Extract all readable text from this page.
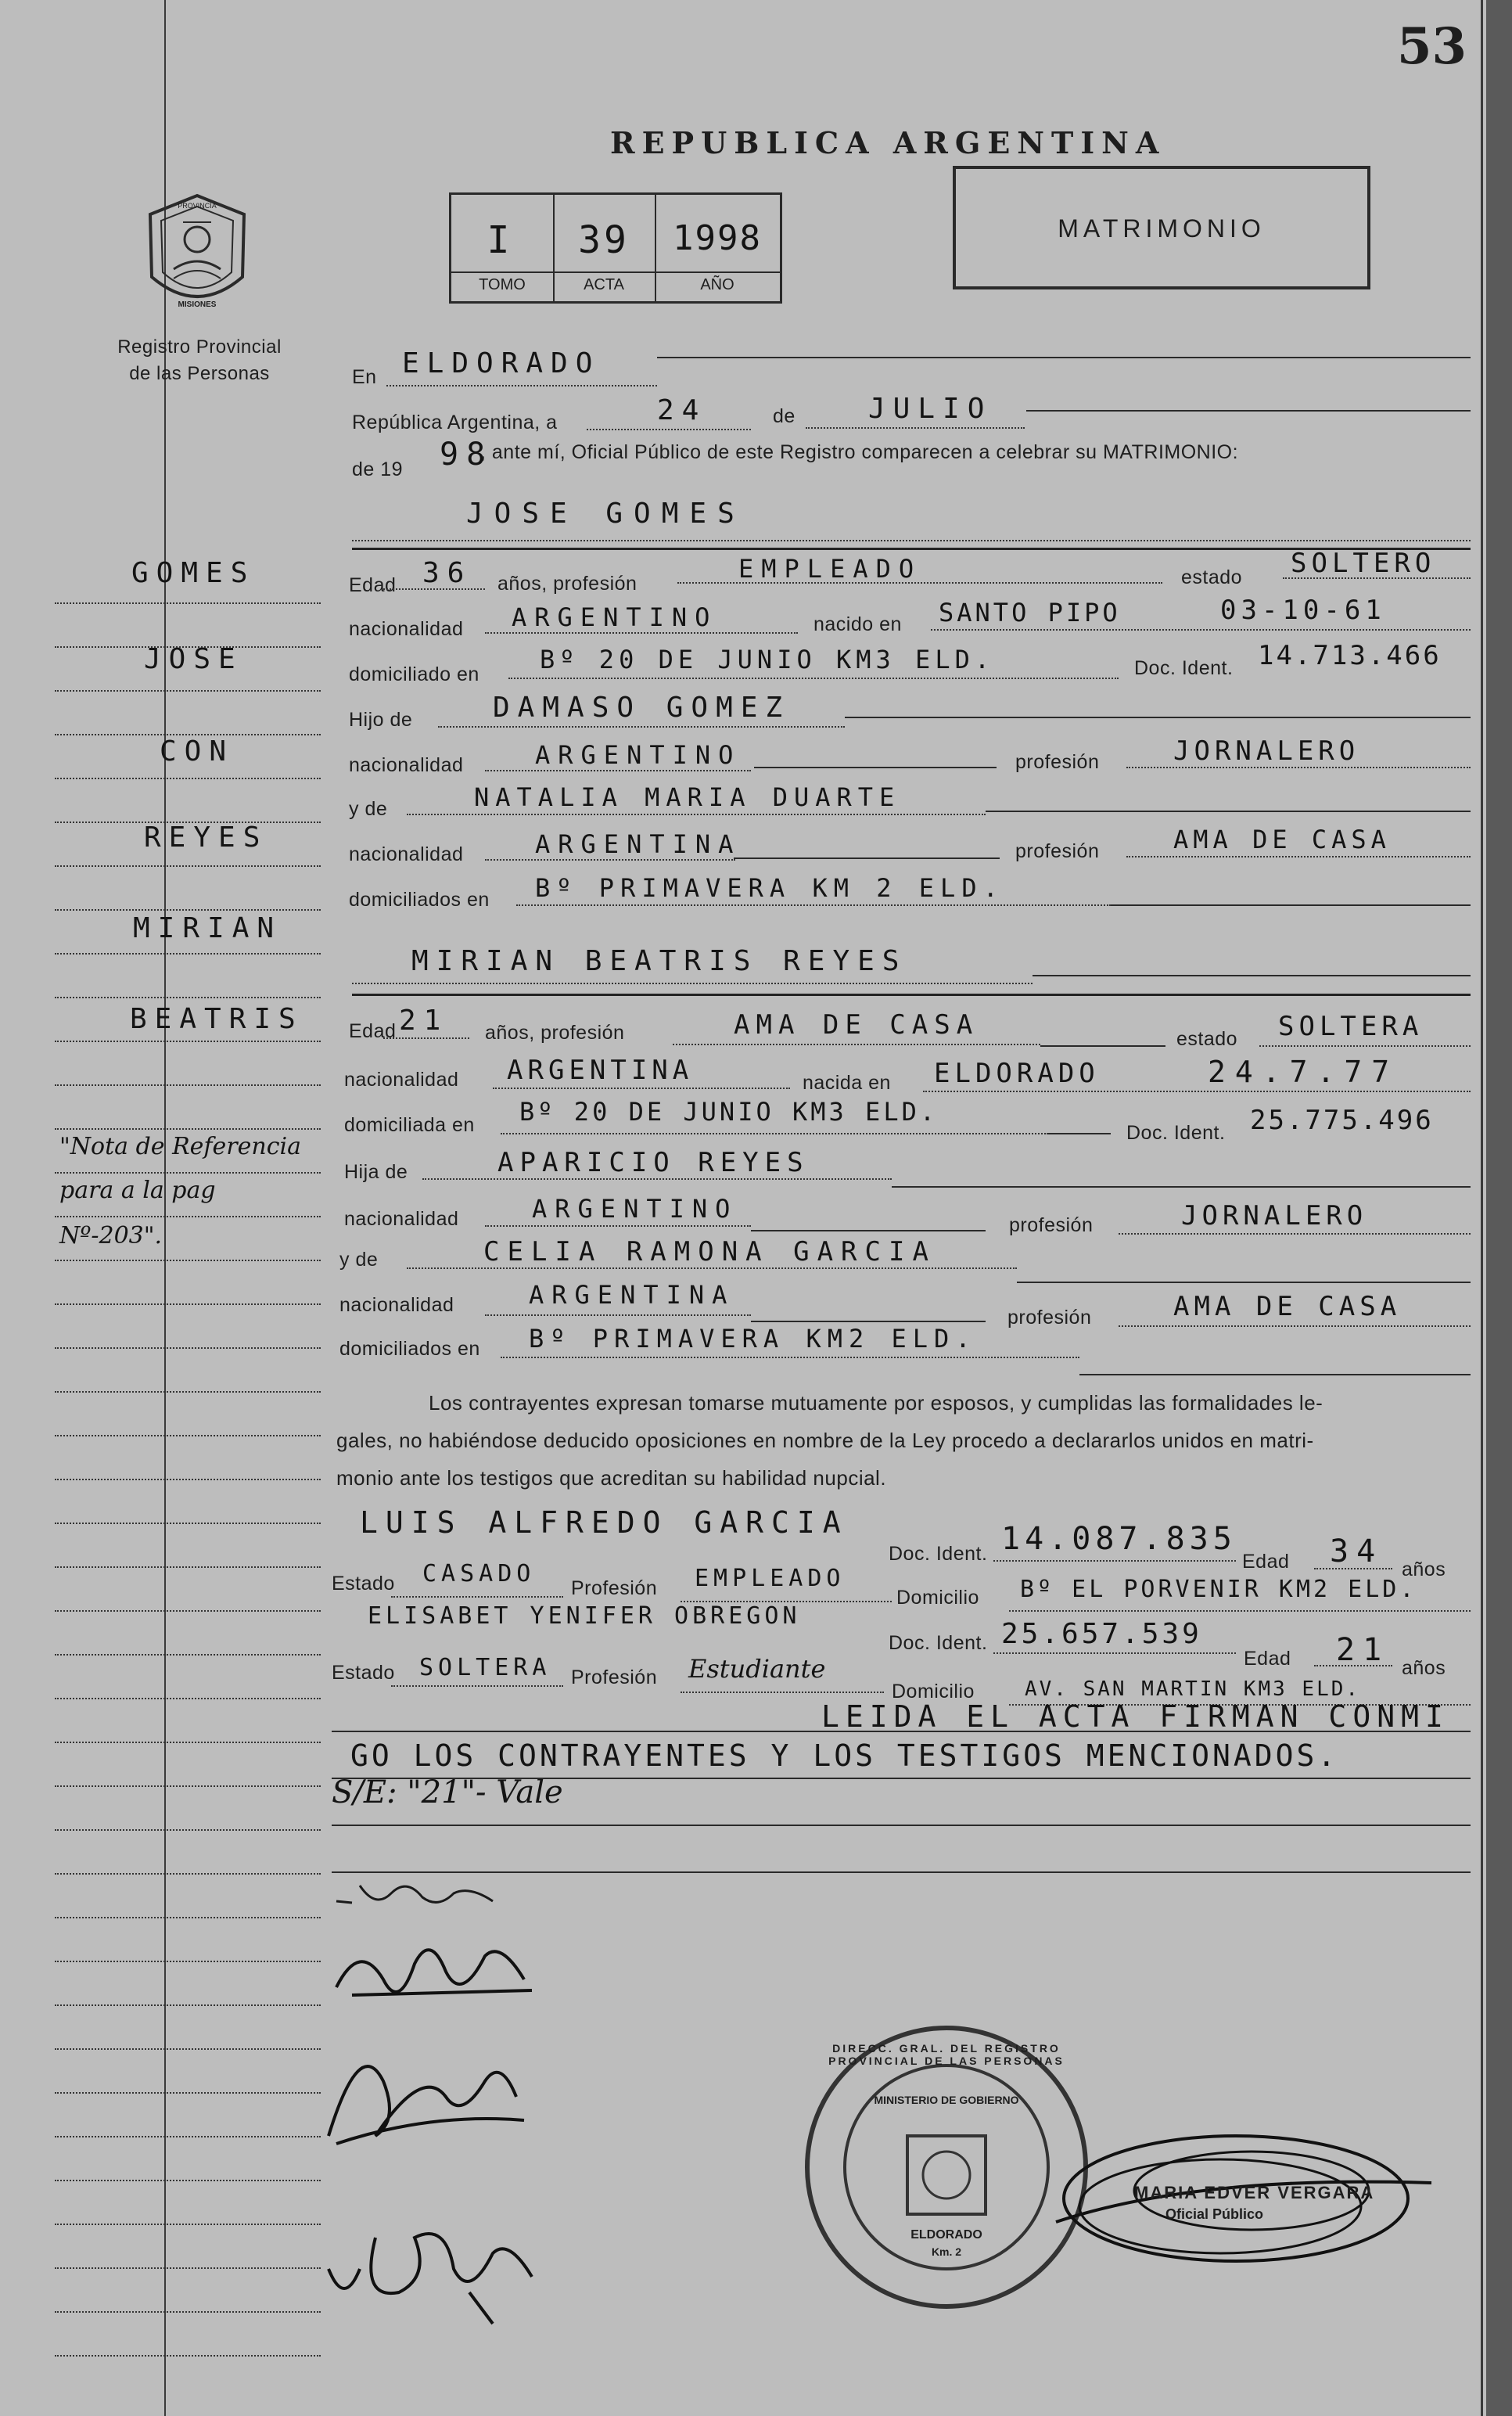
53
PROVINCIA
MISIONES
Registro Provincial
de las Personas
REPUBLICA ARGENTINA
I	39	1998
TOMO	ACTA	AÑO
MATRIMONIO
En ELDORADO
República Argentina, a	24	de	JULIO
de 19 98
, ante mí, Oficial Público de este Registro comparecen a celebrar su MATRIMONIO:
JOSE GOMES
Edad 36 años, profesión	EMPLEADO	estado SOLTERO
nacionalidad ARGENTINO	nacido en SANTO PIPO	03-10-61
domiciliado en Bº 20 DE JUNIO KM3 ELD.	Doc. Ident. 14.713.466
Hijo de	DAMASO GOMEZ
nacionalidad	ARGENTINO	profesión	JORNALERO
y de	NATALIA MARIA DUARTE
nacionalidad	ARGENTINA	profesión	AMA DE CASA
domiciliados en Bº PRIMAVERA KM 2 ELD.
MIRIAN BEATRIS REYES
Edad 21 años, profesión	AMA DE CASA	estado SOLTERA
nacionalidad ARGENTINA	nacida en ELDORADO	24.7.77
domiciliada en Bº 20 DE JUNIO KM3 ELD.
Doc. Ident. 25.775.496
Hija de	APARICIO REYES
nacionalidad	ARGENTINO
profesión	JORNALERO
y de	CELIA RAMONA GARCIA
nacionalidad	ARGENTINA
profesión	AMA DE CASA
domiciliados en Bº PRIMAVERA KM2 ELD.
Los contrayentes expresan tomarse mutuamente por esposos, y cumplidas las formalidades le-
gales, no habiéndose deducido oposiciones en nombre de la Ley procedo a declararlos unidos en matri-
monio ante los testigos que acreditan su habilidad nupcial.
LUIS ALFREDO GARCIA
Doc. Ident. 14.087.835
Edad 34 años
Estado CASADO
Profesión EMPLEADO
Domicilio Bº EL PORVENIR KM2 ELD.
ELISABET YENIFER OBREGON
Doc. Ident. 25.657.539
Edad 21 años
Estado SOLTERA Profesión Estudiante
Domicilio AV. SAN MARTIN KM3 ELD.
LEIDA EL ACTA FIRMAN CONMI
GO LOS CONTRAYENTES Y LOS TESTIGOS MENCIONADOS.
S/E: "21"- Vale
DIRECC. GRAL. DEL REGISTRO PROVINCIAL DE LAS PERSONAS
MINISTERIO DE GOBIERNO
ELDORADO
Km. 2
MARIA EDVER VERGARA
Oficial Público
GOMES
JOSE
CON
REYES
MIRIAN
BEATRIS
"Nota de Referencia
para a la pag
Nº-203".
